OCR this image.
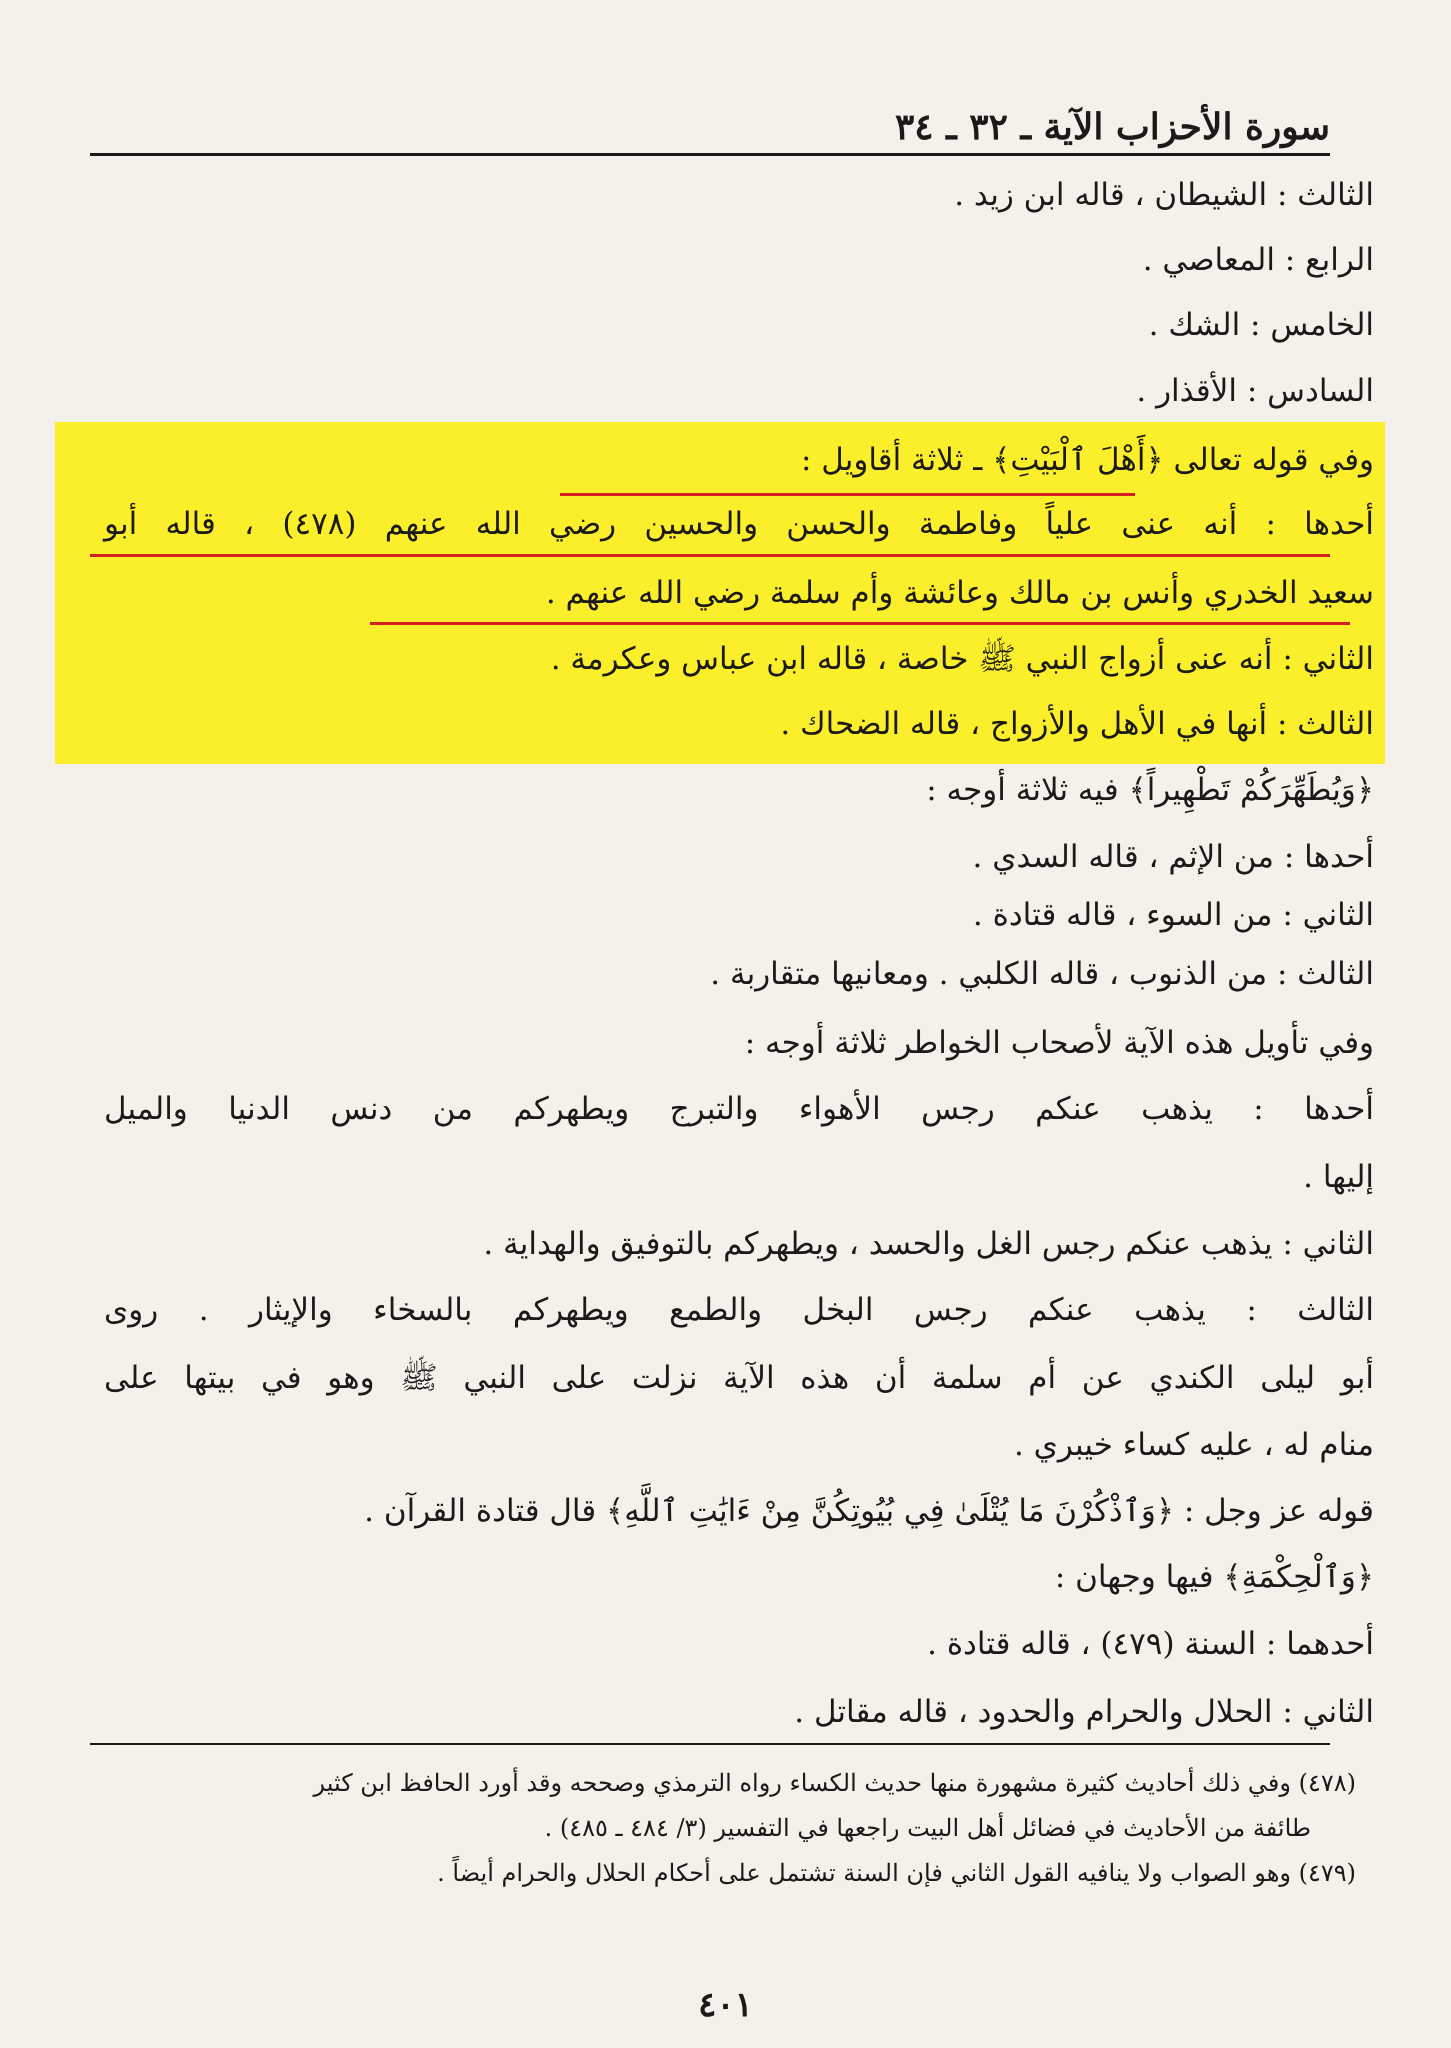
سورة الأحزاب الآية ـ ٣٢ ـ ٣٤
الثالث : الشيطان ، قاله ابن زيد .
الرابع : المعاصي .
الخامس : الشك .
السادس : الأقذار .
وفي قوله تعالى ﴿أَهْلَ ٱلْبَيْتِ﴾ ـ ثلاثة أقاويل :
أحدها : أنه عنى علياً وفاطمة والحسن والحسين رضي الله عنهم (٤٧٨) ، قاله أبو
سعيد الخدري وأنس بن مالك وعائشة وأم سلمة رضي الله عنهم .
الثاني : أنه عنى أزواج النبي ﷺ خاصة ، قاله ابن عباس وعكرمة .
الثالث : أنها في الأهل والأزواج ، قاله الضحاك .
﴿وَيُطَهِّرَكُمْ تَطْهِيراً﴾ فيه ثلاثة أوجه :
أحدها : من الإثم ، قاله السدي .
الثاني : من السوء ، قاله قتادة .
الثالث : من الذنوب ، قاله الكلبي . ومعانيها متقاربة .
وفي تأويل هذه الآية لأصحاب الخواطر ثلاثة أوجه :
أحدها : يذهب عنكم رجس الأهواء والتبرج ويطهركم من دنس الدنيا والميل
إليها .
الثاني : يذهب عنكم رجس الغل والحسد ، ويطهركم بالتوفيق والهداية .
الثالث : يذهب عنكم رجس البخل والطمع ويطهركم بالسخاء والإيثار . روى
أبو ليلى الكندي عن أم سلمة أن هذه الآية نزلت على النبي ﷺ وهو في بيتها على
منام له ، عليه كساء خيبري .
قوله عز وجل : ﴿وَٱذْكُرْنَ مَا يُتْلَىٰ فِي بُيُوتِكُنَّ مِنْ ءَايَٰتِ ٱللَّهِ﴾ قال قتادة القرآن .
﴿وَٱلْحِكْمَةِ﴾ فيها وجهان :
أحدهما : السنة (٤٧٩) ، قاله قتادة .
الثاني : الحلال والحرام والحدود ، قاله مقاتل .
(٤٧٨) وفي ذلك أحاديث كثيرة مشهورة منها حديث الكساء رواه الترمذي وصححه وقد أورد الحافظ ابن كثير
طائفة من الأحاديث في فضائل أهل البيت راجعها في التفسير (٣/ ٤٨٤ ـ ٤٨٥) .
(٤٧٩) وهو الصواب ولا ينافيه القول الثاني فإن السنة تشتمل على أحكام الحلال والحرام أيضاً .
٤٠١
